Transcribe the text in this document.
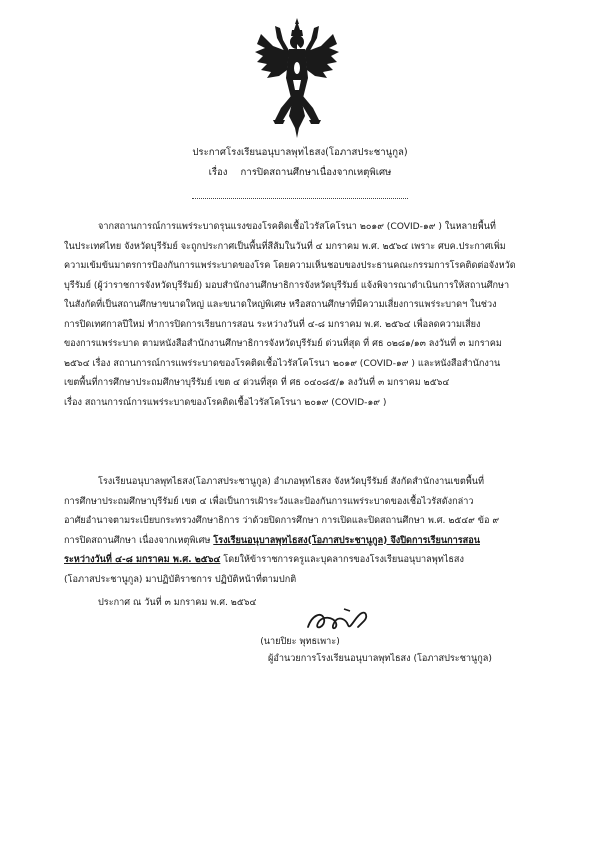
ประกาศโรงเรียนอนุบาลพุทไธสง(โอภาสประชานูกูล)
เรื่อง การปิดสถานศึกษาเนื่องจากเหตุพิเศษ
จากสถานการณ์การแพร่ระบาดรุนแรงของโรคติดเชื้อไวรัสโคโรนา ๒๐๑๙ (COVID-๑๙ ) ในหลายพื้นที่
ในประเทศไทย จังหวัดบุรีรัมย์ จะถูกประกาศเป็นพื้นที่สีส้มในวันที่ ๔ มกราคม พ.ศ. ๒๕๖๔ เพราะ ศบค.ประกาศเพิ่ม
ความเข้มข้นมาตรการป้องกันการแพร่ระบาดของโรค โดยความเห็นชอบของประธานคณะกรรมการโรคติดต่อจังหวัด
บุรีรัมย์ (ผู้ว่าราชการจังหวัดบุรีรัมย์) มอบสำนักงานศึกษาธิการจังหวัดบุรีรัมย์ แจ้งพิจารณาดำเนินการให้สถานศึกษา
ในสังกัดที่เป็นสถานศึกษาขนาดใหญ่ และขนาดใหญ่พิเศษ หรือสถานศึกษาที่มีความเสี่ยงการแพร่ระบาดฯ ในช่วง
การปิดเทศกาลปีใหม่ ทำการปิดการเรียนการสอน ระหว่างวันที่ ๔-๘ มกราคม พ.ศ. ๒๕๖๔ เพื่อลดความเสี่ยง
ของการแพร่ระบาด ตามหนังสือสำนักงานศึกษาธิการจังหวัดบุรีรัมย์ ด่วนที่สุด ที่ ศธ ๐๒๘๑/๑๓ ลงวันที่ ๓ มกราคม
๒๕๖๔ เรื่อง สถานการณ์การแพร่ระบาดของโรคติดเชื้อไวรัสโคโรนา ๒๐๑๙ (COVID-๑๙ ) และหนังสือสำนักงาน
เขตพื้นที่การศึกษาประถมศึกษาบุรีรัมย์ เขต ๔ ด่วนที่สุด ที่ ศธ ๐๔๐๘๕/๑ ลงวันที่ ๓ มกราคม ๒๕๖๔
เรื่อง สถานการณ์การแพร่ระบาดของโรคติดเชื้อไวรัสโคโรนา ๒๐๑๙ (COVID-๑๙ )
โรงเรียนอนุบาลพุทไธสง(โอภาสประชานูกูล) อำเภอพุทไธสง จังหวัดบุรีรัมย์ สังกัดสำนักงานเขตพื้นที่
การศึกษาประถมศึกษาบุรีรัมย์ เขต ๔ เพื่อเป็นการเฝ้าระวังและป้องกันการแพร่ระบาดของเชื้อไวรัสดังกล่าว
อาศัยอำนาจตามระเบียบกระทรวงศึกษาธิการ ว่าด้วยปิดการศึกษา การเปิดและปิดสถานศึกษา พ.ศ. ๒๕๔๙ ข้อ ๙
การปิดสถานศึกษา เนื่องจากเหตุพิเศษ โรงเรียนอนุบาลพุทไธสง(โอภาสประชานูกูล) จึงปิดการเรียนการสอน
ระหว่างวันที่ ๔-๘ มกราคม พ.ศ. ๒๕๖๔ โดยให้ข้าราชการครูและบุคลากรของโรงเรียนอนุบาลพุทไธสง
(โอภาสประชานูกูล) มาปฏิบัติราชการ ปฏิบัติหน้าที่ตามปกติ
ประกาศ ณ วันที่ ๓ มกราคม พ.ศ. ๒๕๖๔
(นายปิยะ พุทธเพาะ)
ผู้อำนวยการโรงเรียนอนุบาลพุทไธสง (โอภาสประชานูกูล)
